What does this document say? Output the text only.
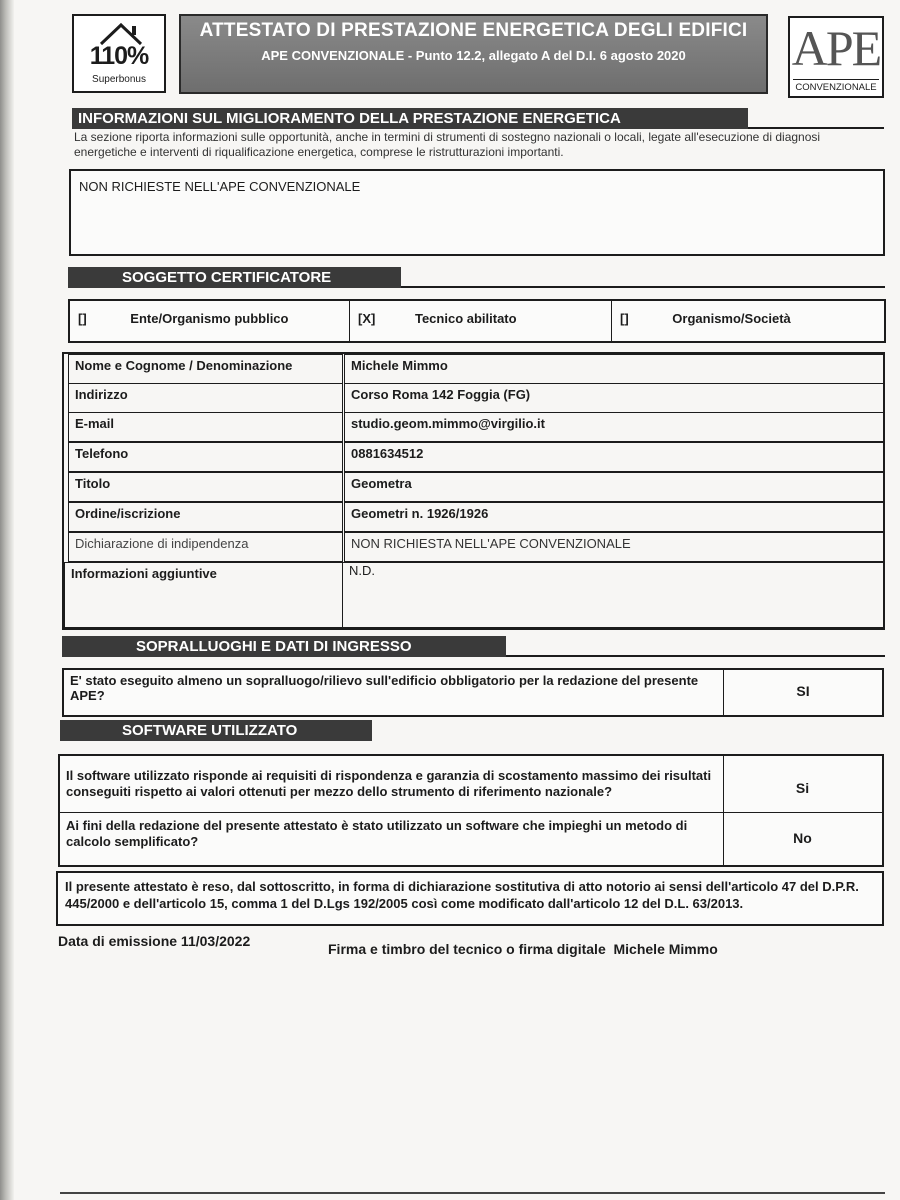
110%
Superbonus
ATTESTATO DI PRESTAZIONE ENERGETICA DEGLI EDIFICI
APE CONVENZIONALE - Punto 12.2, allegato A del D.I. 6 agosto 2020	APE
CONVENZIONALE
INFORMAZIONI SUL MIGLIORAMENTO DELLA PRESTAZIONE ENERGETICA
La sezione riporta informazioni sulle opportunità, anche in termini di strumenti di sostegno nazionali o locali, legate all'esecuzione di diagnosi energetiche e interventi di riqualificazione energetica, comprese le ristrutturazioni importanti.
NON RICHIESTE NELL'APE CONVENZIONALE
SOGGETTO CERTIFICATORE
[]	Ente/Organismo pubblico	[X]	Tecnico abilitato	[]	Organismo/Società
Nome e Cognome / Denominazione	Michele Mimmo
Indirizzo	Corso Roma 142 Foggia (FG)
E-mail	studio.geom.mimmo@virgilio.it
Telefono	0881634512
Titolo	Geometra
Ordine/iscrizione	Geometri n. 1926/1926
Dichiarazione di indipendenza	NON RICHIESTA NELL'APE CONVENZIONALE
Informazioni aggiuntive	N.D.
SOPRALLUOGHI E DATI DI INGRESSO
E' stato eseguito almeno un sopralluogo/rilievo sull'edificio obbligatorio per la redazione del presente APE?	SI
SOFTWARE UTILIZZATO
Il software utilizzato risponde ai requisiti di rispondenza e garanzia di scostamento massimo dei risultati conseguiti rispetto ai valori ottenuti per mezzo dello strumento di riferimento nazionale?	Si
Ai fini della redazione del presente attestato è stato utilizzato un software che impieghi un metodo di calcolo semplificato?	No
Il presente attestato è reso, dal sottoscritto, in forma di dichiarazione sostitutiva di atto notorio ai sensi dell'articolo 47 del D.P.R. 445/2000 e dell'articolo 15, comma 1 del D.Lgs 192/2005 così come modificato dall'articolo 12 del D.L. 63/2013.
Data di emissione 11/03/2022	Firma e timbro del tecnico o firma digitale  Michele Mimmo
